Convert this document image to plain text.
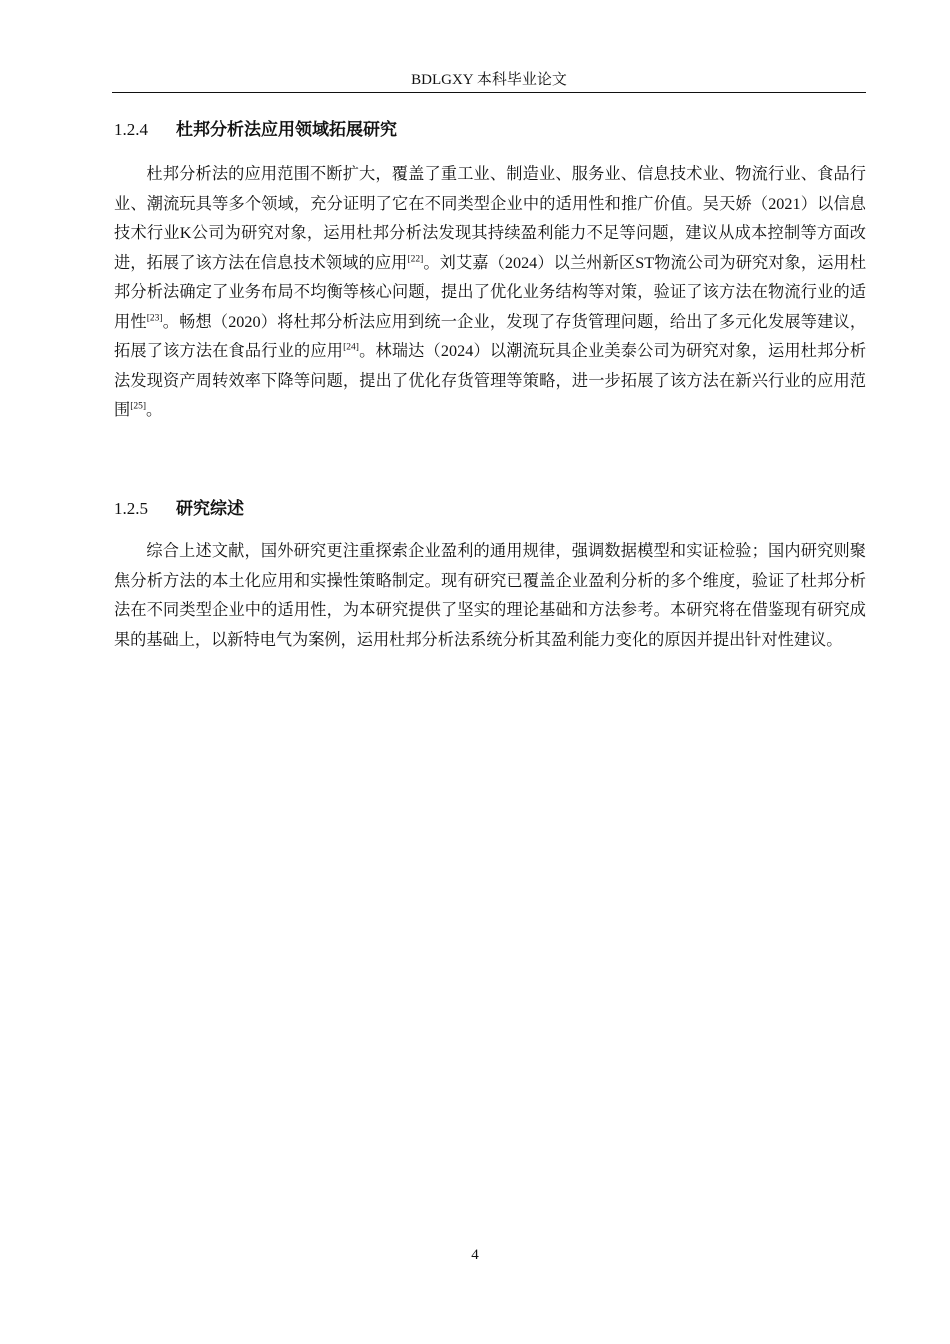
BDLGXY 本科毕业论文
1.2.4 杜邦分析法应用领域拓展研究

杜邦分析法的应用范围不断扩大，覆盖了重工业、制造业、服务业、信息技术业、物流行业、食品行业、潮流玩具等多个领域，充分证明了它在不同类型企业中的适用性和推广价值。吴天娇（2021）以信息技术行业K公司为研究对象，运用杜邦分析法发现其持续盈利能力不足等问题，建议从成本控制等方面改进，拓展了该方法在信息技术领域的应用[22]。刘艾嘉（2024）以兰州新区ST物流公司为研究对象，运用杜邦分析法确定了业务布局不均衡等核心问题，提出了优化业务结构等对策，验证了该方法在物流行业的适用性[23]。畅想（2020）将杜邦分析法应用到统一企业，发现了存货管理问题，给出了多元化发展等建议，拓展了该方法在食品行业的应用[24]。林瑞达（2024）以潮流玩具企业美泰公司为研究对象，运用杜邦分析法发现资产周转效率下降等问题，提出了优化存货管理等策略，进一步拓展了该方法在新兴行业的应用范围[25]。

1.2.5 研究综述

综合上述文献，国外研究更注重探索企业盈利的通用规律，强调数据模型和实证检验；国内研究则聚焦分析方法的本土化应用和实操性策略制定。现有研究已覆盖企业盈利分析的多个维度，验证了杜邦分析法在不同类型企业中的适用性，为本研究提供了坚实的理论基础和方法参考。本研究将在借鉴现有研究成果的基础上，以新特电气为案例，运用杜邦分析法系统分析其盈利能力变化的原因并提出针对性建议。

4
